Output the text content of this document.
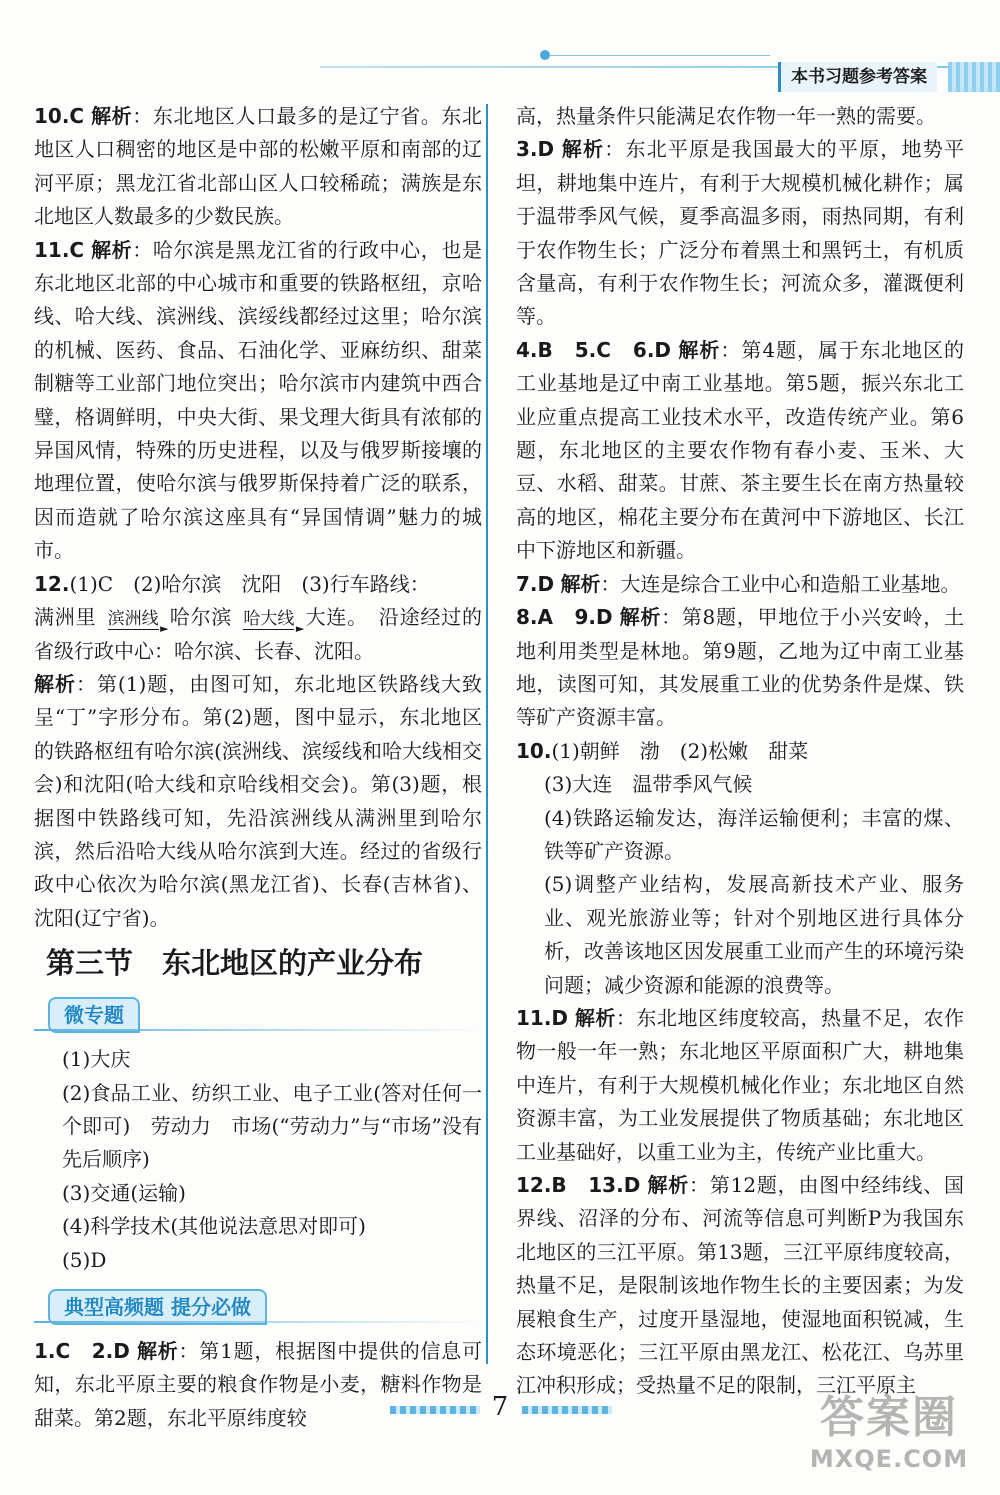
本书习题参考答案

10.C 解析：东北地区人口最多的是辽宁省。东北地区人口稠密的地区是中部的松嫩平原和南部的辽河平原；黑龙江省北部山区人口较稀疏；满族是东北地区人数最多的少数民族。

11.C 解析：哈尔滨是黑龙江省的行政中心，也是东北地区北部的中心城市和重要的铁路枢纽，京哈线、哈大线、滨洲线、滨绥线都经过这里；哈尔滨的机械、医药、食品、石油化学、亚麻纺织、甜菜制糖等工业部门地位突出；哈尔滨市内建筑中西合璧，格调鲜明，中央大街、果戈理大街具有浓郁的异国风情，特殊的历史进程，以及与俄罗斯接壤的地理位置，使哈尔滨与俄罗斯保持着广泛的联系，因而造就了哈尔滨这座具有“异国情调”魅力的城市。

12.(1)C　(2)哈尔滨　沈阳　(3)行车路线：
满洲里 滨洲线 ► 哈尔滨 哈大线 ► 大连。　沿途经过的省级行政中心：哈尔滨、长春、沈阳。
解析：第(1)题，由图可知，东北地区铁路线大致呈“丁”字形分布。第(2)题，图中显示，东北地区的铁路枢纽有哈尔滨(滨洲线、滨绥线和哈大线相交会)和沈阳(哈大线和京哈线相交会)。第(3)题，根据图中铁路线可知，先沿滨洲线从满洲里到哈尔滨，然后沿哈大线从哈尔滨到大连。经过的省级行政中心依次为哈尔滨(黑龙江省)、长春(吉林省)、沈阳(辽宁省)。

第三节　东北地区的产业分布
微专题
(1)大庆
(2)食品工业、纺织工业、电子工业(答对任何一个即可)　劳动力　市场(“劳动力”与“市场”没有先后顺序)
(3)交通(运输)
(4)科学技术(其他说法意思对即可)
(5)D
典型高频题 提分必做

1.C　2.D 解析：第1题，根据图中提供的信息可知，东北平原主要的粮食作物是小麦，糖料作物是甜菜。第2题，东北平原纬度较

高，热量条件只能满足农作物一年一熟的需要。

3.D 解析：东北平原是我国最大的平原，地势平坦，耕地集中连片，有利于大规模机械化耕作；属于温带季风气候，夏季高温多雨，雨热同期，有利于农作物生长；广泛分布着黑土和黑钙土，有机质含量高，有利于农作物生长；河流众多，灌溉便利等。

4.B　5.C　6.D 解析：第4题，属于东北地区的工业基地是辽中南工业基地。第5题，振兴东北工业应重点提高工业技术水平，改造传统产业。第6题，东北地区的主要农作物有春小麦、玉米、大豆、水稻、甜菜。甘蔗、茶主要生长在南方热量较高的地区，棉花主要分布在黄河中下游地区、长江中下游地区和新疆。

7.D 解析：大连是综合工业中心和造船工业基地。

8.A　9.D 解析：第8题，甲地位于小兴安岭，土地利用类型是林地。第9题，乙地为辽中南工业基地，读图可知，其发展重工业的优势条件是煤、铁等矿产资源丰富。

10.(1)朝鲜　渤　(2)松嫩　甜菜
(3)大连　温带季风气候
(4)铁路运输发达，海洋运输便利；丰富的煤、铁等矿产资源。
(5)调整产业结构，发展高新技术产业、服务业、观光旅游业等；针对个别地区进行具体分析，改善该地区因发展重工业而产生的环境污染问题；减少资源和能源的浪费等。

11.D 解析：东北地区纬度较高，热量不足，农作物一般一年一熟；东北地区平原面积广大，耕地集中连片，有利于大规模机械化作业；东北地区自然资源丰富，为工业发展提供了物质基础；东北地区工业基础好，以重工业为主，传统产业比重大。

12.B　13.D 解析：第12题，由图中经纬线、国界线、沼泽的分布、河流等信息可判断P为我国东北地区的三江平原。第13题，三江平原纬度较高，热量不足，是限制该地作物生长的主要因素；为发展粮食生产，过度开垦湿地，使湿地面积锐减，生态环境恶化；三江平原由黑龙江、松花江、乌苏里江冲积形成；受热量不足的限制，三江平原主

7	答案圈
MXQE.COM
